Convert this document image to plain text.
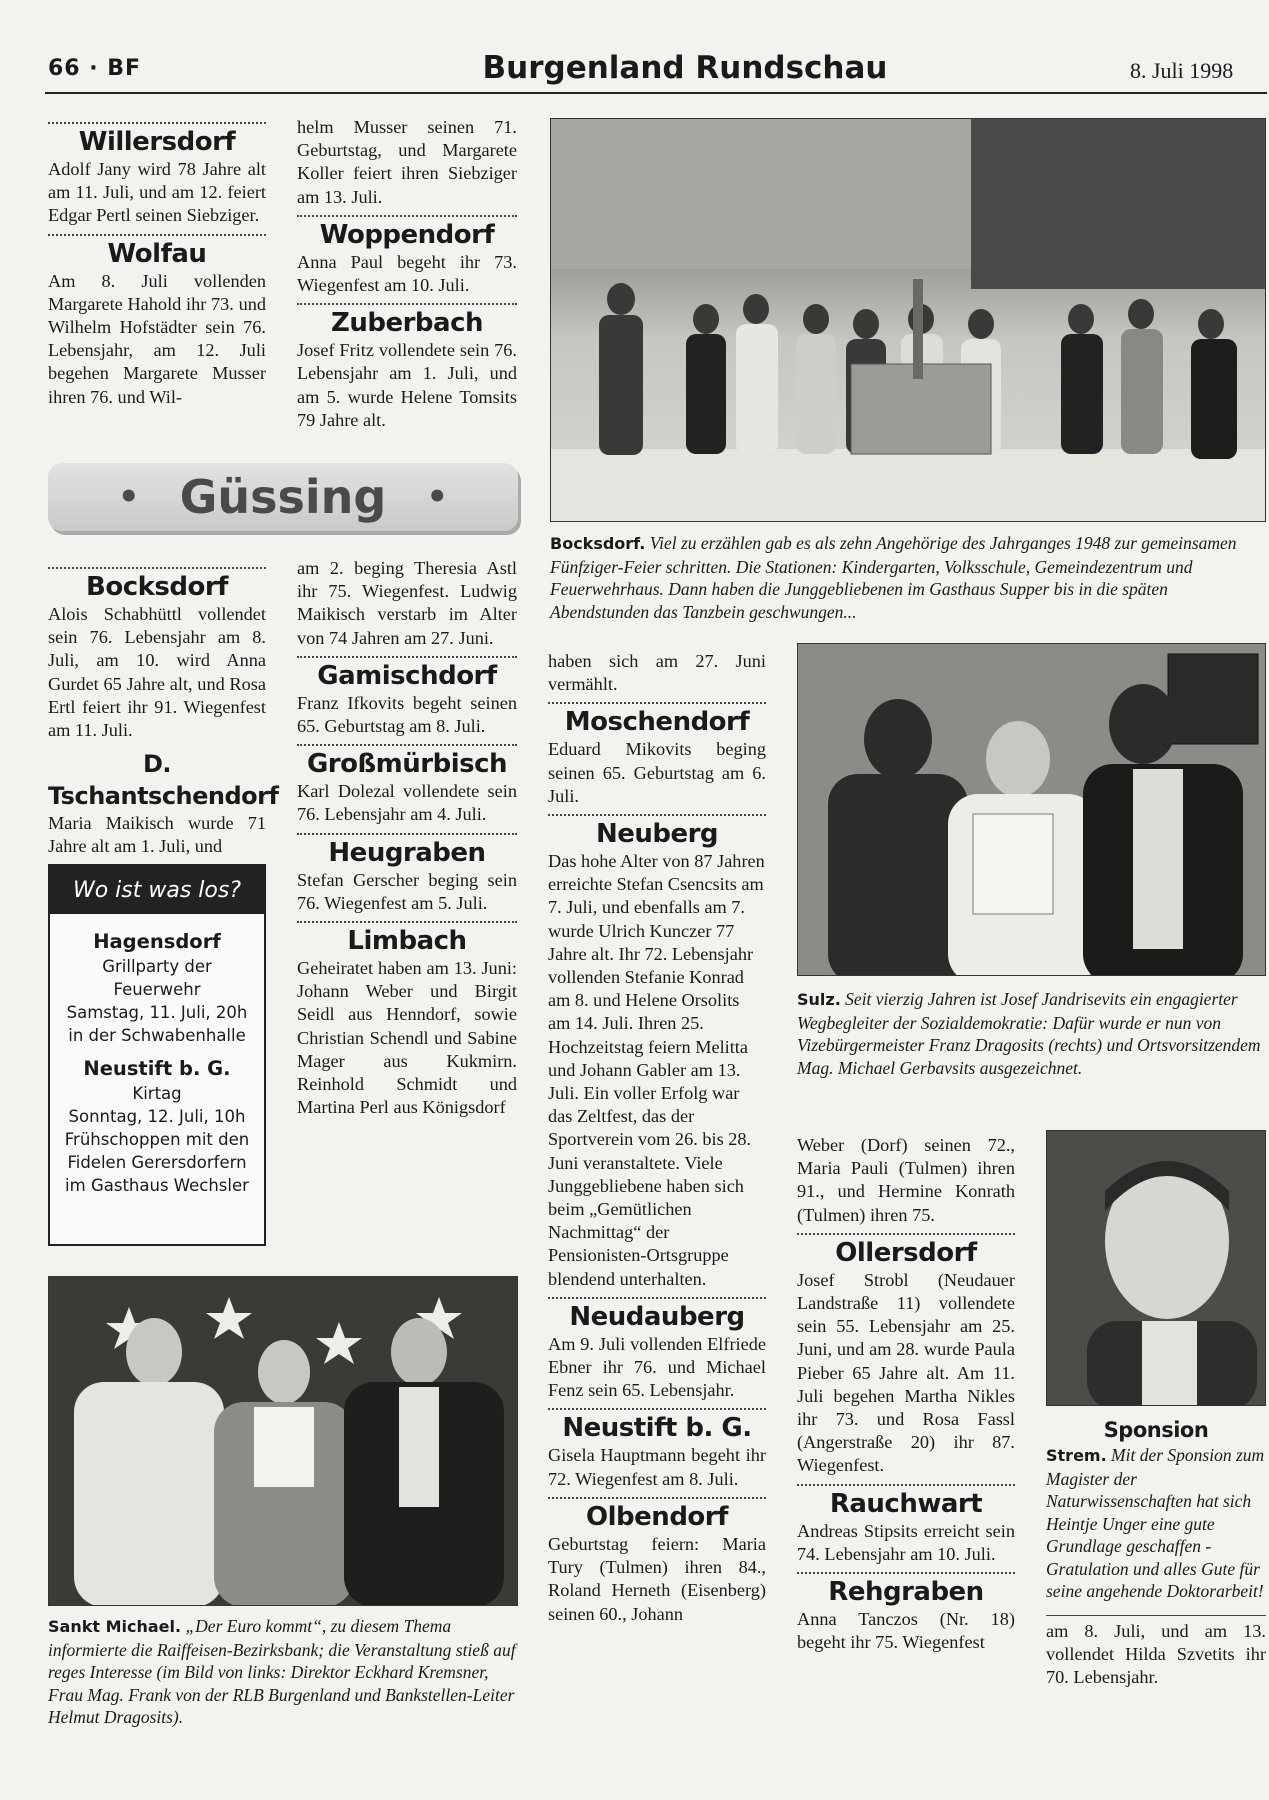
66 · BF	Burgenland Rundschau	8. Juli 1998
Willersdorf
Adolf Jany wird 78 Jahre alt am 11. Juli, und am 12. feiert Edgar Pertl seinen Siebziger.
Wolfau
Am 8. Juli vollenden Margarete Hahold ihr 73. und Wilhelm Hofstädter sein 76. Lebensjahr, am 12. Juli begehen Margarete Musser ihren 76. und Wil-
helm Musser seinen 71. Geburtstag, und Margarete Koller feiert ihren Siebziger am 13. Juli.
Woppendorf
Anna Paul begeht ihr 73. Wiegenfest am 10. Juli.
Zuberbach
Josef Fritz vollendete sein 76. Lebensjahr am 1. Juli, und am 5. wurde Helene Tomsits 79 Jahre alt.
• Güssing •
Bocksdorf. Viel zu erzählen gab es als zehn Angehörige des Jahrganges 1948 zur gemeinsamen Fünfziger-Feier schritten. Die Stationen: Kindergarten, Volksschule, Gemeindezentrum und Feuerwehrhaus. Dann haben die Junggebliebenen im Gasthaus Supper bis in die späten Abendstunden das Tanzbein geschwungen...
Bocksdorf
Alois Schabhüttl vollendet sein 76. Lebensjahr am 8. Juli, am 10. wird Anna Gurdet 65 Jahre alt, und Rosa Ertl feiert ihr 91. Wiegenfest am 11. Juli.
D. Tschantschendorf
Maria Maikisch wurde 71 Jahre alt am 1. Juli, und
Wo ist was los?
Hagensdorf
Grillparty der
Feuerwehr
Samstag, 11. Juli, 20h
in der Schwabenhalle
Neustift b. G.
Kirtag
Sonntag, 12. Juli, 10h
Frühschoppen mit den
Fidelen Gerersdorfern
im Gasthaus Wechsler
am 2. beging Theresia Astl ihr 75. Wiegenfest. Ludwig Maikisch verstarb im Alter von 74 Jahren am 27. Juni.
Gamischdorf
Franz Ifkovits begeht seinen 65. Geburtstag am 8. Juli.
Großmürbisch
Karl Dolezal vollendete sein 76. Lebensjahr am 4. Juli.
Heugraben
Stefan Gerscher beging sein 76. Wiegenfest am 5. Juli.
Limbach
Geheiratet haben am 13. Juni: Johann Weber und Birgit Seidl aus Henndorf, sowie Christian Schendl und Sabine Mager aus Kukmirn. Reinhold Schmidt und Martina Perl aus Königsdorf
haben sich am 27. Juni vermählt.
Moschendorf
Eduard Mikovits beging seinen 65. Geburtstag am 6. Juli.
Neuberg
Das hohe Alter von 87 Jahren erreichte Stefan Csencsits am 7. Juli, und ebenfalls am 7. wurde Ulrich Kunczer 77 Jahre alt. Ihr 72. Lebensjahr vollenden Stefanie Konrad am 8. und Helene Orsolits am 14. Juli. Ihren 25. Hochzeitstag feiern Melitta und Johann Gabler am 13. Juli. Ein voller Erfolg war das Zeltfest, das der Sportverein vom 26. bis 28. Juni veranstaltete. Viele Junggebliebene haben sich beim „Gemütlichen Nachmittag“ der Pensionisten-Ortsgruppe blendend unterhalten.
Neudauberg
Am 9. Juli vollenden Elfriede Ebner ihr 76. und Michael Fenz sein 65. Lebensjahr.
Neustift b. G.
Gisela Hauptmann begeht ihr 72. Wiegenfest am 8. Juli.
Olbendorf
Geburtstag feiern: Maria Tury (Tulmen) ihren 84., Roland Herneth (Eisenberg) seinen 60., Johann
Sulz. Seit vierzig Jahren ist Josef Jandrisevits ein engagierter Wegbegleiter der Sozialdemokratie: Dafür wurde er nun von Vizebürgermeister Franz Dragosits (rechts) und Ortsvorsitzendem Mag. Michael Gerbavsits ausgezeichnet.
Weber (Dorf) seinen 72., Maria Pauli (Tulmen) ihren 91., und Hermine Konrath (Tulmen) ihren 75.
Ollersdorf
Josef Strobl (Neudauer Landstraße 11) vollendete sein 55. Lebensjahr am 25. Juni, und am 28. wurde Paula Pieber 65 Jahre alt. Am 11. Juli begehen Martha Nikles ihr 73. und Rosa Fassl (Angerstraße 20) ihr 87. Wiegenfest.
Rauchwart
Andreas Stipsits erreicht sein 74. Lebensjahr am 10. Juli.
Rehgraben
Anna Tanczos (Nr. 18) begeht ihr 75. Wiegenfest
Sponsion
Strem. Mit der Sponsion zum Magister der Naturwissenschaften hat sich Heintje Unger eine gute Grundlage geschaffen - Gratulation und alles Gute für seine angehende Doktorarbeit!
am 8. Juli, und am 13. vollendet Hilda Szvetits ihr 70. Lebensjahr.
Sankt Michael. „Der Euro kommt“, zu diesem Thema informierte die Raiffeisen-Bezirksbank; die Veranstaltung stieß auf reges Interesse (im Bild von links: Direktor Eckhard Kremsner, Frau Mag. Frank von der RLB Burgenland und Bankstellen-Leiter Helmut Dragosits).
